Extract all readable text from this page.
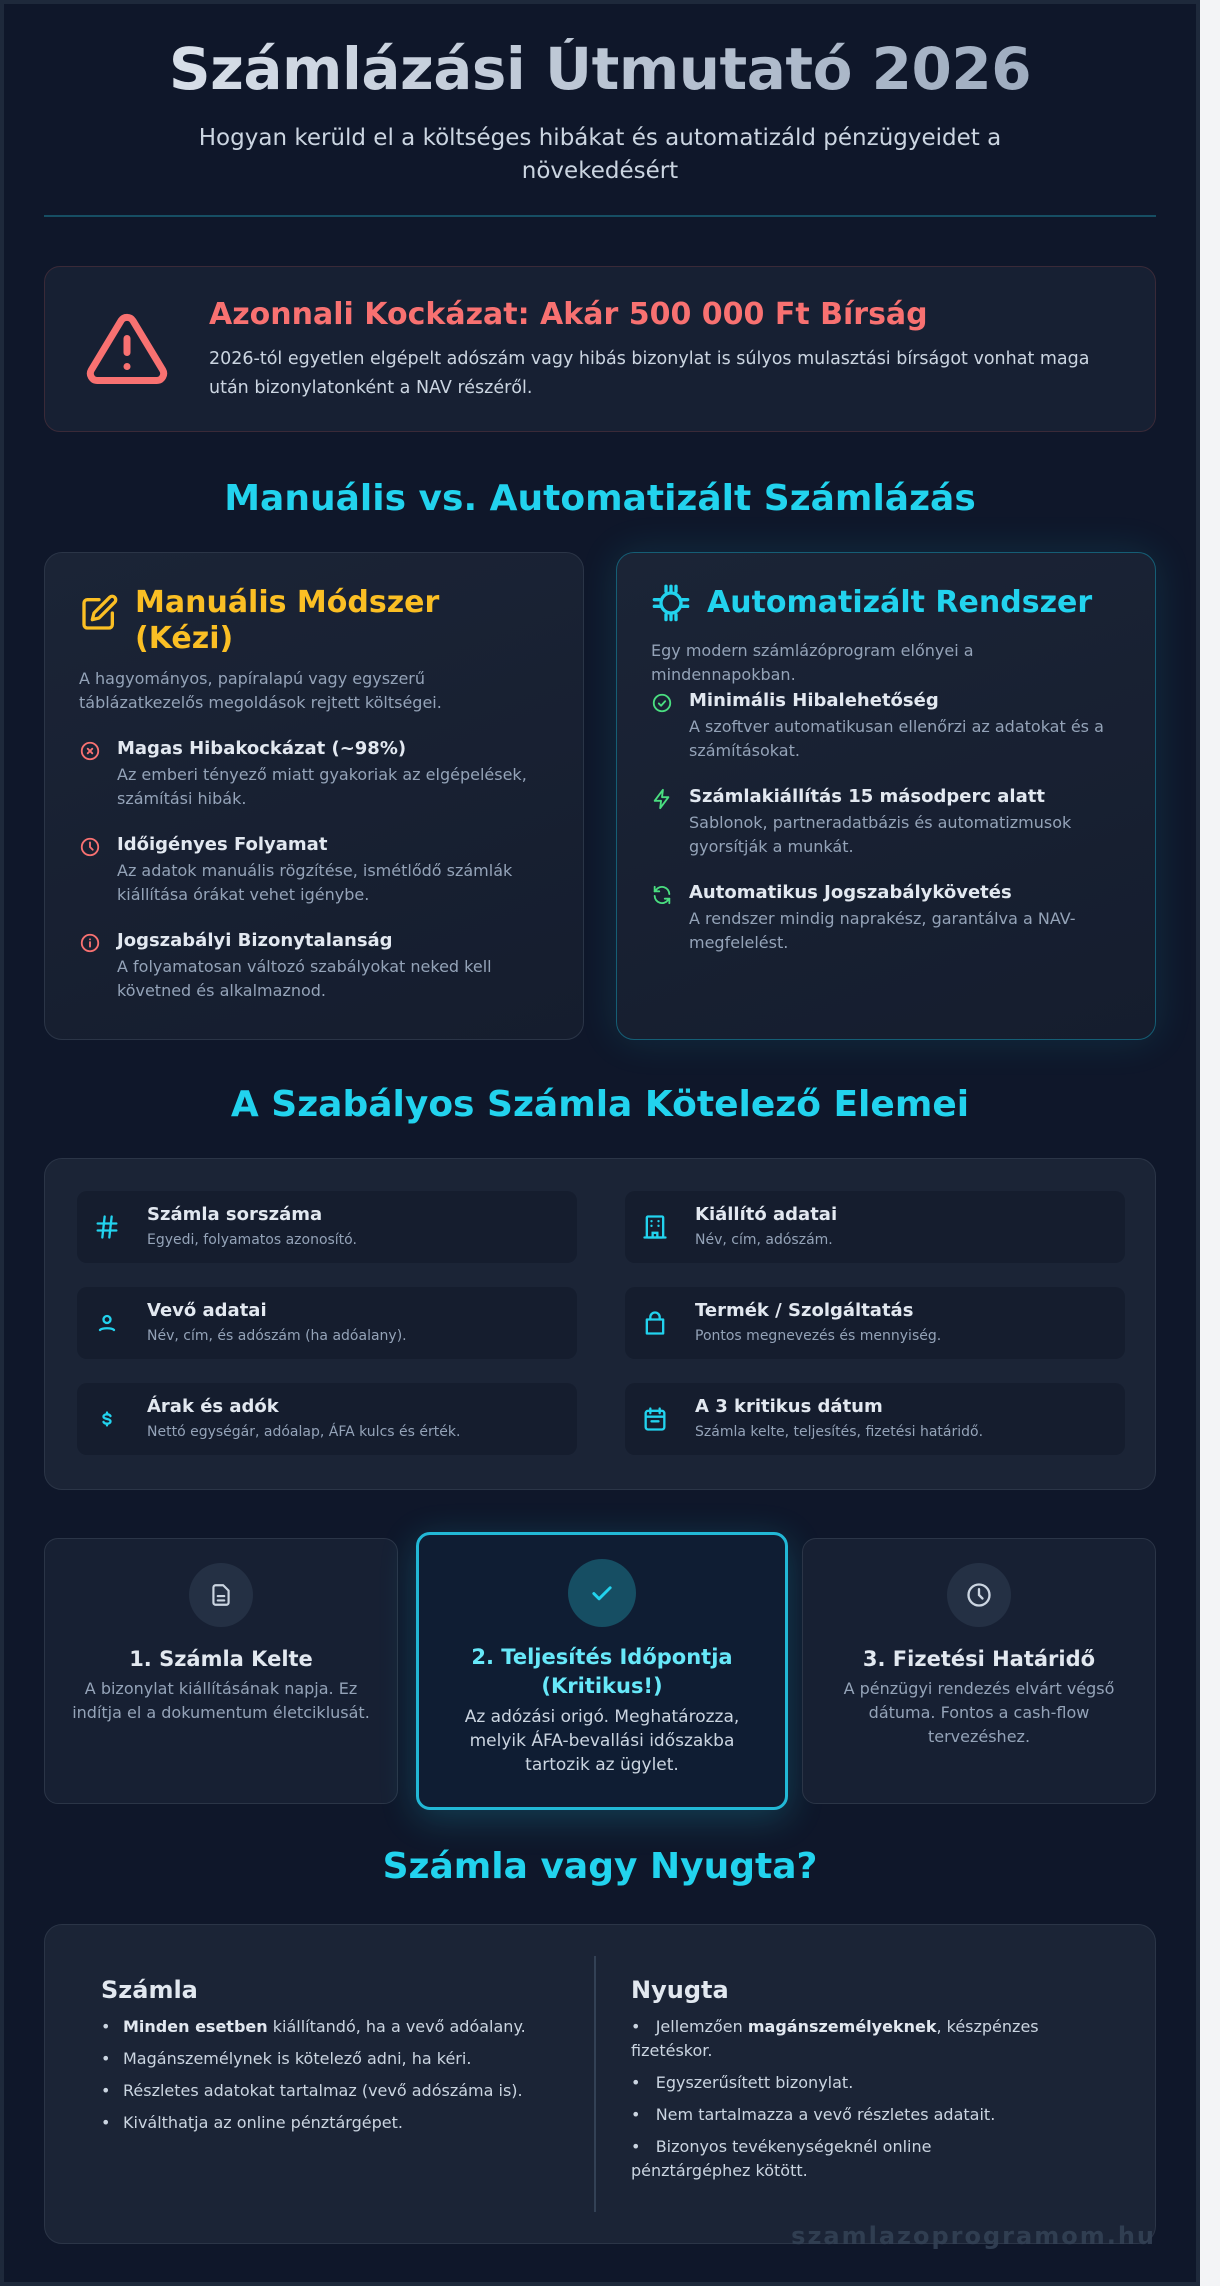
Számlázási Útmutató 2026
Hogyan kerüld el a költséges hibákat és automatizáld pénzügyeidet a növekedésért
Azonnali Kockázat: Akár 500 000 Ft Bírság
2026-tól egyetlen elgépelt adószám vagy hibás bizonylat is súlyos mulasztási bírságot vonhat maga után bizonylatonként a NAV részéről.
Manuális vs. Automatizált Számlázás
Manuális Módszer (Kézi)
A hagyományos, papíralapú vagy egyszerű táblázatkezelős megoldások rejtett költségei.
Magas Hibakockázat (~98%)
Az emberi tényező miatt gyakoriak az elgépelések, számítási hibák.
Időigényes Folyamat
Az adatok manuális rögzítése, ismétlődő számlák kiállítása órákat vehet igénybe.
Jogszabályi Bizonytalanság
A folyamatosan változó szabályokat neked kell követned és alkalmaznod.
Automatizált Rendszer
Egy modern számlázóprogram előnyei a mindennapokban.
Minimális Hibalehetőség
A szoftver automatikusan ellenőrzi az adatokat és a számításokat.
Számlakiállítás 15 másodperc alatt
Sablonok, partneradatbázis és automatizmusok gyorsítják a munkát.
Automatikus Jogszabálykövetés
A rendszer mindig naprakész, garantálva a NAV-megfelelést.
A Szabályos Számla Kötelező Elemei
Számla sorszáma
Egyedi, folyamatos azonosító.
Kiállító adatai
Név, cím, adószám.
Vevő adatai
Név, cím, és adószám (ha adóalany).
Termék / Szolgáltatás
Pontos megnevezés és mennyiség.
Árak és adók
Nettó egységár, adóalap, ÁFA kulcs és érték.
A 3 kritikus dátum
Számla kelte, teljesítés, fizetési határidő.
1. Számla Kelte
A bizonylat kiállításának napja. Ez indítja el a dokumentum életciklusát.
2. Teljesítés Időpontja (Kritikus!)
Az adózási origó. Meghatározza, melyik ÁFA-bevallási időszakba tartozik az ügylet.
3. Fizetési Határidő
A pénzügyi rendezés elvárt végső dátuma. Fontos a cash-flow tervezéshez.
Számla vagy Nyugta?
Számla
• Minden esetben kiállítandó, ha a vevő adóalany.
• Magánszemélynek is kötelező adni, ha kéri.
• Részletes adatokat tartalmaz (vevő adószáma is).
• Kiválthatja az online pénztárgépet.
Nyugta
•   Jellemzően magánszemélyeknek, készpénzes fizetéskor.
•   Egyszerűsített bizonylat.
•   Nem tartalmazza a vevő részletes adatait.
•   Bizonyos tevékenységeknél online pénztárgéphez kötött.
szamlazoprogramom.hu
